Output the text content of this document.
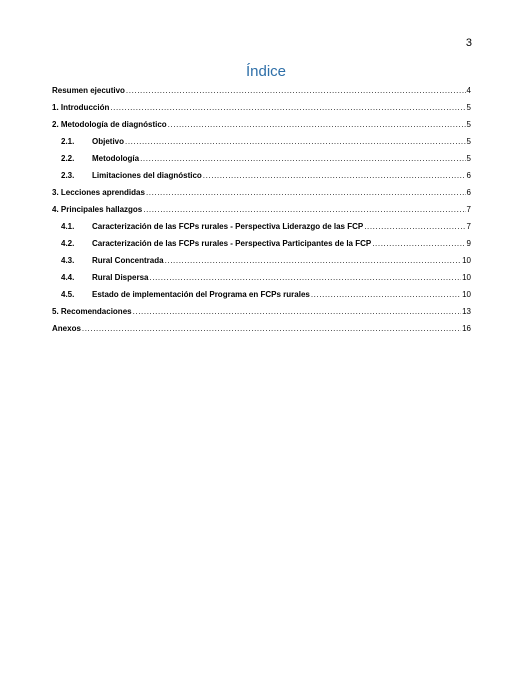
3
Índice
Resumen ejecutivo .....	4
1. Introducción .....	5
2. Metodología de diagnóstico .....	5
2.1.	Objetivo .....	5
2.2.	Metodología .....	5
2.3.	Limitaciones del diagnóstico .....	6
3. Lecciones aprendidas .....	6
4. Principales hallazgos .....	7
4.1.	Caracterización de las FCPs rurales - Perspectiva Liderazgo de las FCP .....	7
4.2.	Caracterización de las FCPs rurales - Perspectiva Participantes de la FCP .....	9
4.3.	Rural Concentrada .....	10
4.4.	Rural Dispersa .....	10
4.5.	Estado de implementación del Programa en FCPs rurales .....	10
5. Recomendaciones .....	13
Anexos .....	16
